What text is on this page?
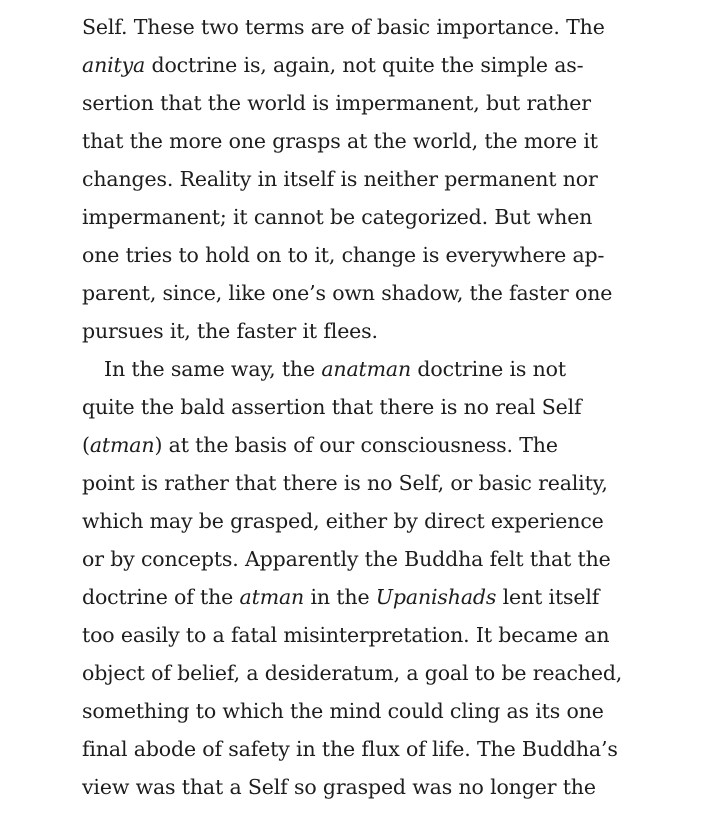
Self. These two terms are of basic importance. The
anitya doctrine is, again, not quite the simple as-
sertion that the world is impermanent, but rather
that the more one grasps at the world, the more it
changes. Reality in itself is neither permanent nor
impermanent; it cannot be categorized. But when
one tries to hold on to it, change is everywhere ap-
parent, since, like one’s own shadow, the faster one
pursues it, the faster it flees.
In the same way, the anatman doctrine is not
quite the bald assertion that there is no real Self
(atman) at the basis of our consciousness. The
point is rather that there is no Self, or basic reality,
which may be grasped, either by direct experience
or by concepts. Apparently the Buddha felt that the
doctrine of the atman in the Upanishads lent itself
too easily to a fatal misinterpretation. It became an
object of belief, a desideratum, a goal to be reached,
something to which the mind could cling as its one
final abode of safety in the flux of life. The Buddha’s
view was that a Self so grasped was no longer the
